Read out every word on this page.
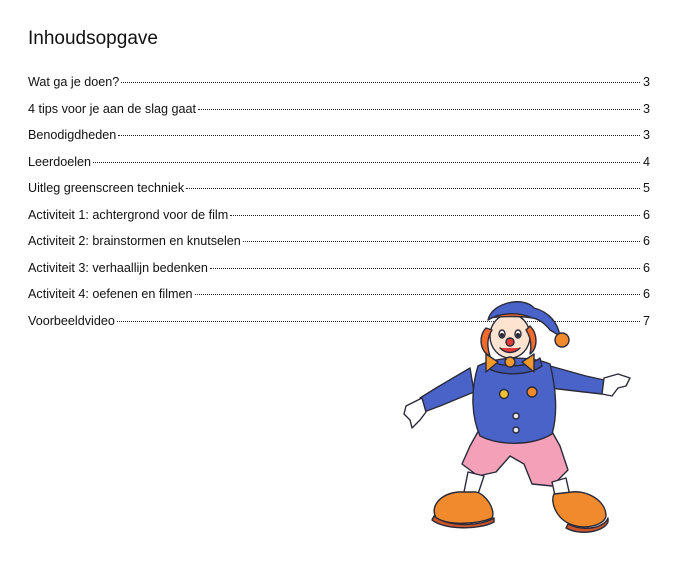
Inhoudsopgave
Wat ga je doen?	3
4 tips voor je aan de slag gaat	3
Benodigdheden	3
Leerdoelen	4
Uitleg greenscreen techniek	5
Activiteit 1: achtergrond voor de film	6
Activiteit 2: brainstormen en knutselen	6
Activiteit 3: verhaallijn bedenken	6
Activiteit 4: oefenen en filmen	6
Voorbeeldvideo	7
